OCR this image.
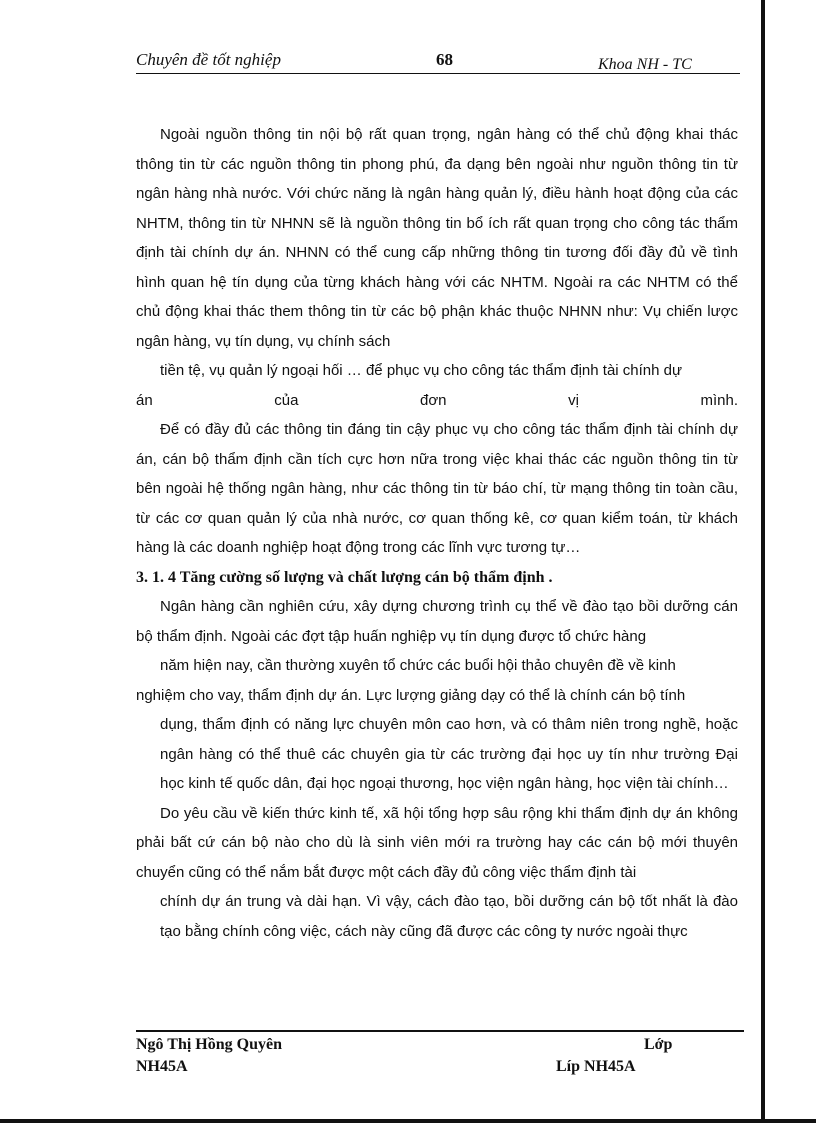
Chuyên đề tốt nghiệp	68	Khoa NH - TC

Ngoài nguồn thông tin nội bộ rất quan trọng, ngân hàng có thể chủ động khai thác thông tin từ các nguồn thông tin phong phú, đa dạng bên ngoài như nguồn thông tin từ ngân hàng nhà nước. Với chức năng là ngân hàng quản lý, điều hành hoạt động của các NHTM, thông tin từ NHNN sẽ là nguồn thông tin bổ ích rất quan trọng cho công tác thẩm định tài chính dự án. NHNN có thể cung cấp những thông tin tương đối đầy đủ về tình hình quan hệ tín dụng của từng khách hàng với các NHTM. Ngoài ra các NHTM có thể chủ động khai thác them thông tin từ các bộ phận khác thuộc NHNN như: Vụ chiến lược ngân hàng, vụ tín dụng, vụ chính sách

tiền tệ, vụ quản lý ngoại hối … để phục vụ cho công tác thẩm định tài chính dự

án của đơn vị mình.

Để có đầy đủ các thông tin đáng tin cậy phục vụ cho công tác thẩm định tài chính dự án, cán bộ thẩm định cần tích cực hơn nữa trong việc khai thác các nguồn thông tin từ bên ngoài hệ thống ngân hàng, như các thông tin từ báo chí, từ mạng thông tin toàn cầu, từ các cơ quan quản lý của nhà nước, cơ quan thống kê, cơ quan kiểm toán, từ khách hàng là các doanh nghiệp hoạt động trong các lĩnh vực tương tự…

3. 1. 4 Tăng cường số lượng và chất lượng cán bộ thẩm định .

Ngân hàng cần nghiên cứu, xây dựng chương trình cụ thể về đào tạo bồi dưỡng cán bộ thẩm định. Ngoài các đợt tập huấn nghiệp vụ tín dụng được tổ chức hàng

năm hiện nay, cần thường xuyên tổ chức các buổi hội thảo chuyên đề về kinh

nghiệm cho vay, thẩm định dự án. Lực lượng giảng dạy có thể là chính cán bộ tính

dụng, thẩm định có năng lực chuyên môn cao hơn, và có thâm niên trong nghề, hoặc ngân hàng có thể thuê các chuyên gia từ các trường đại học uy tín như trường Đại học kinh tế quốc dân, đại học ngoại thương, học viện ngân hàng, học viện tài chính…

Do yêu cầu về kiến thức kinh tế, xã hội tổng hợp sâu rộng khi thẩm định dự án không phải bất cứ cán bộ nào cho dù là sinh viên mới ra trường hay các cán bộ mới thuyên chuyển cũng có thể nắm bắt được một cách đầy đủ công việc thẩm định tài

chính dự án trung và dài hạn. Vì vậy, cách đào tạo, bồi dưỡng cán bộ tốt nhất là đào tạo bằng chính công việc, cách này cũng đã được các công ty nước ngoài thực

Ngô Thị Hồng Quyên	Lớp
NH45A	Líp NH45A
